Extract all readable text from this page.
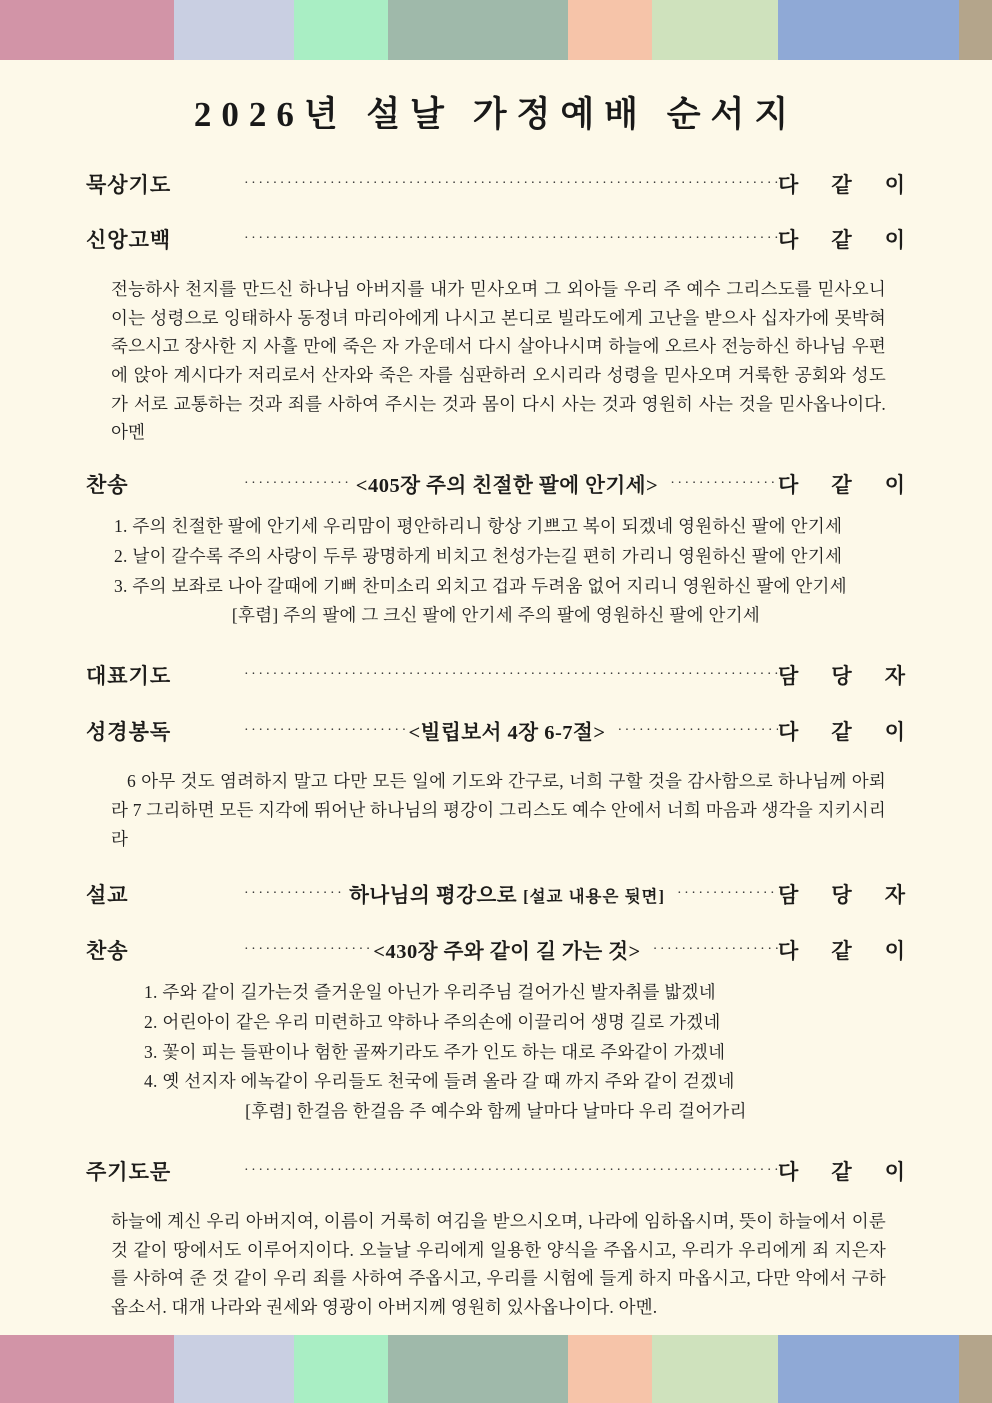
2026년 설날 가정예배 순서지
묵상기도 ·····	다 같 이
신앙고백 ·····	다 같 이

전능하사 천지를 만드신 하나님 아버지를 내가 믿사오며 그 외아들 우리 주 예수 그리스도를 믿사오니 이는 성령으로 잉태하사 동정녀 마리아에게 나시고 본디로 빌라도에게 고난을 받으사 십자가에 못박혀 죽으시고 장사한 지 사흘 만에 죽은 자 가운데서 다시 살아나시며 하늘에 오르사 전능하신 하나님 우편에 앉아 계시다가 저리로서 산자와 죽은 자를 심판하러 오시리라 성령을 믿사오며 거룩한 공회와 성도가 서로 교통하는 것과 죄를 사하여 주시는 것과 몸이 다시 사는 것과 영원히 사는 것을 믿사옵나이다. 아멘

찬송 ·····	<405장 주의 친절한 팔에 안기세> ·····	다 같 이
1. 주의 친절한 팔에 안기세 우리맘이 평안하리니 항상 기쁘고 복이 되겠네 영원하신 팔에 안기세
2. 날이 갈수록 주의 사랑이 두루 광명하게 비치고 천성가는길 편히 가리니 영원하신 팔에 안기세
3. 주의 보좌로 나아 갈때에 기뻐 찬미소리 외치고 겁과 두려움 없어 지리니 영원하신 팔에 안기세
[후렴] 주의 팔에 그 크신 팔에 안기세 주의 팔에 영원하신 팔에 안기세
대표기도 ·····	담 당 자
성경봉독 ·····	<빌립보서 4장 6-7절> ·····	다 같 이

6 아무 것도 염려하지 말고 다만 모든 일에 기도와 간구로, 너희 구할 것을 감사함으로 하나님께 아뢰라 7 그리하면 모든 지각에 뛰어난 하나님의 평강이 그리스도 예수 안에서 너희 마음과 생각을 지키시리라

설교 ·····	하나님의 평강으로 [설교 내용은 뒷면] ·····	담 당 자
찬송 ·····	<430장 주와 같이 길 가는 것> ·····	다 같 이
1. 주와 같이 길가는것 즐거운일 아닌가 우리주님 걸어가신 발자취를 밟겠네
2. 어린아이 같은 우리 미련하고 약하나 주의손에 이끌리어 생명 길로 가겠네
3. 꽃이 피는 들판이나 험한 골짜기라도 주가 인도 하는 대로 주와같이 가겠네
4. 옛 선지자 에녹같이 우리들도 천국에 들려 올라 갈 때 까지 주와 같이 걷겠네
[후렴] 한걸음 한걸음 주 예수와 함께 날마다 날마다 우리 걸어가리
주기도문 ·····	다 같 이

하늘에 계신 우리 아버지여, 이름이 거룩히 여김을 받으시오며, 나라에 임하옵시며, 뜻이 하늘에서 이룬 것 같이 땅에서도 이루어지이다. 오늘날 우리에게 일용한 양식을 주옵시고, 우리가 우리에게 죄 지은자를 사하여 준 것 같이 우리 죄를 사하여 주옵시고, 우리를 시험에 들게 하지 마옵시고, 다만 악에서 구하옵소서. 대개 나라와 권세와 영광이 아버지께 영원히 있사옵나이다. 아멘.
